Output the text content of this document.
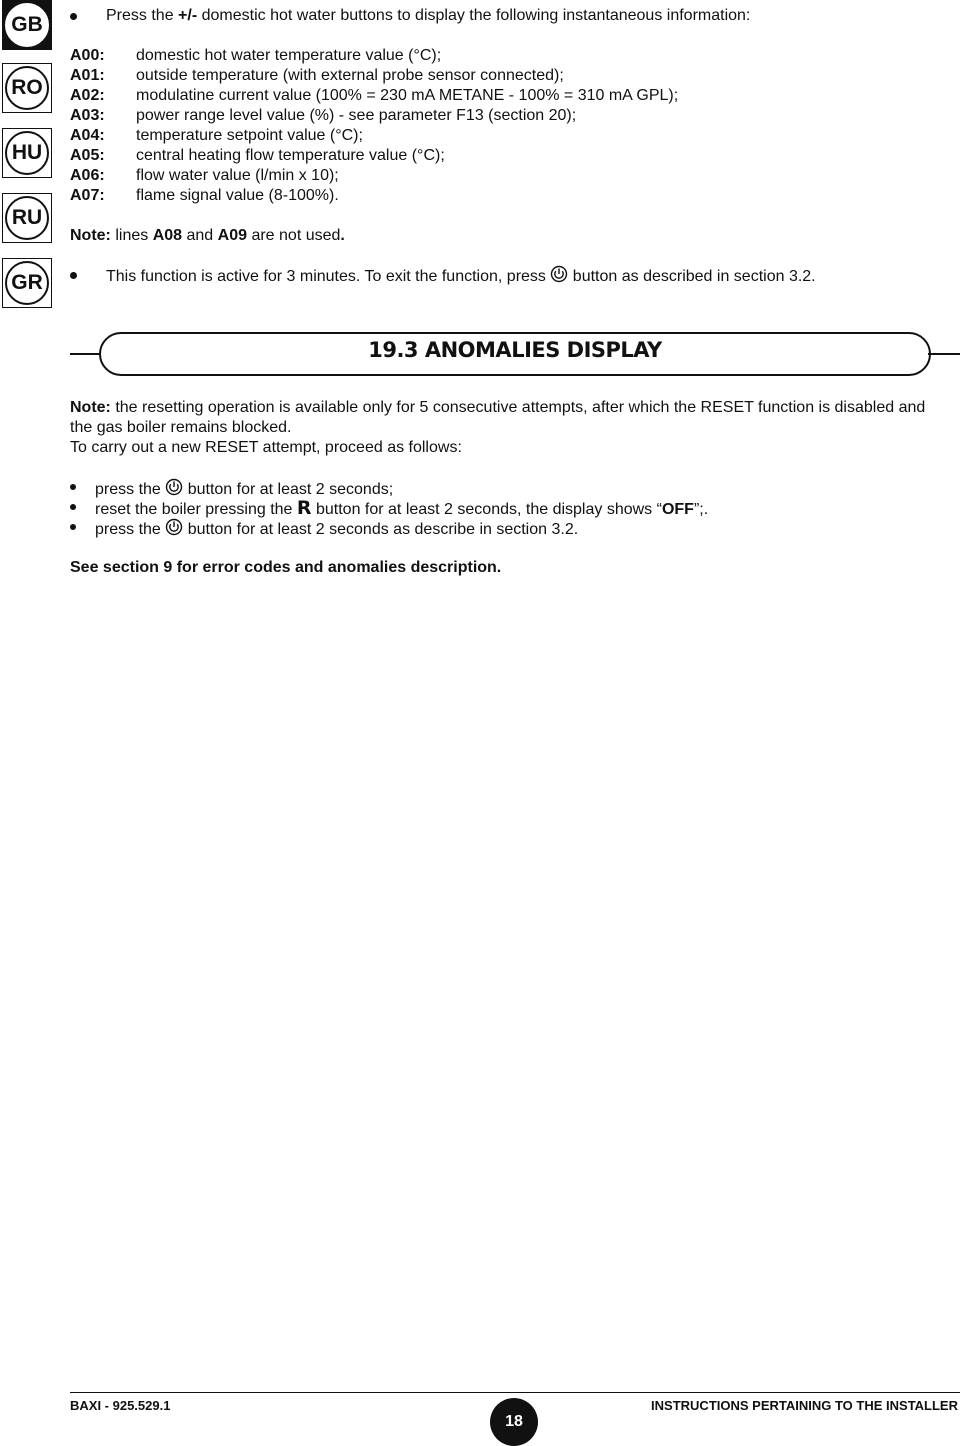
GB
RO
HU
RU
GR
Press the +/- domestic hot water buttons to display the following instantaneous information:
A00: domestic hot water temperature value (°C);
A01: outside temperature (with external probe sensor connected);
A02: modulatine current value (100% = 230 mA METANE - 100% = 310 mA GPL);
A03: power range level value (%) - see parameter F13 (section 20);
A04: temperature setpoint value (°C);
A05: central heating flow temperature value (°C);
A06: flow water value (l/min x 10);
A07: flame signal value (8-100%).
Note: lines A08 and A09 are not used.
This function is active for 3 minutes. To exit the function, press  button as described in section 3.2.
19.3 ANOMALIES DISPLAY
Note: the resetting operation is available only for 5 consecutive attempts, after which the RESET function is disabled and
the gas boiler remains blocked.
To carry out a new RESET attempt, proceed as follows:
press the  button for at least 2 seconds;
reset the boiler pressing the R button for at least 2 seconds, the display shows “OFF”;.
press the  button for at least 2 seconds as describe in section 3.2.
See section 9 for error codes and anomalies description.
BAXI - 925.529.1
18
INSTRUCTIONS PERTAINING TO THE INSTALLER
